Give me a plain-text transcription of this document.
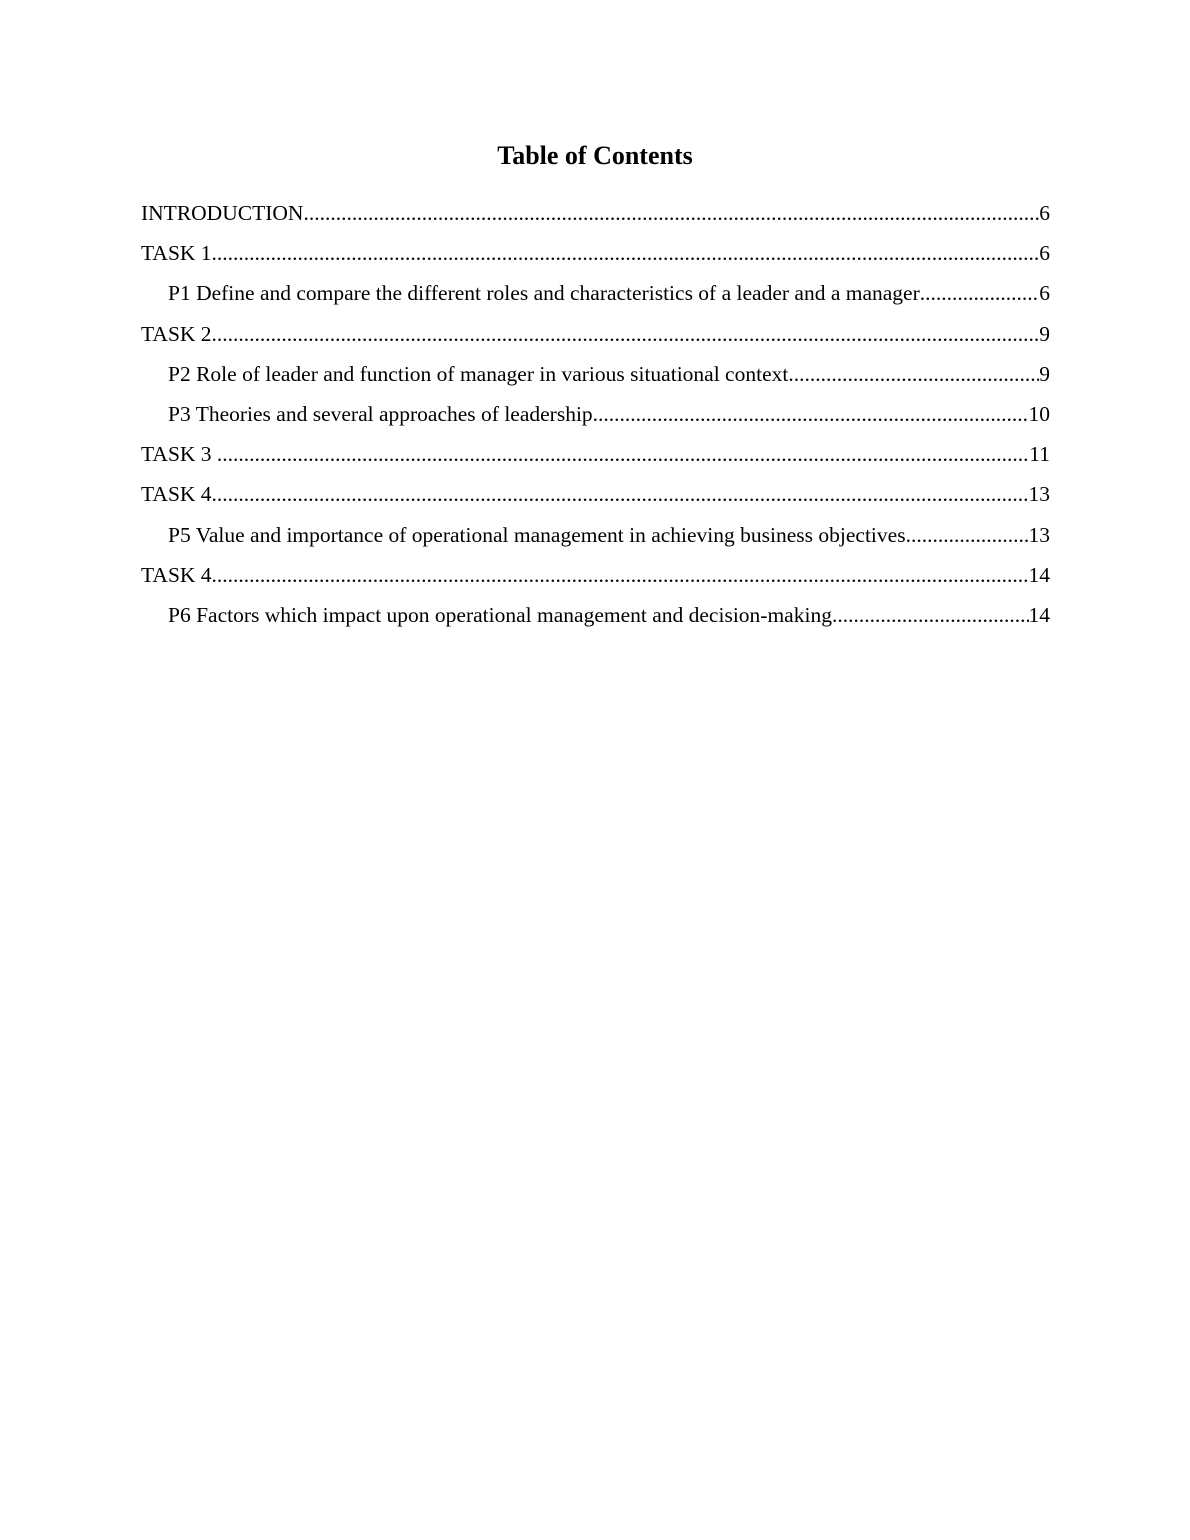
Table of Contents
INTRODUCTION .....	6
TASK 1 .....	6
P1 Define and compare the different roles and characteristics of a leader and a manager .....	6
TASK 2 .....	9
P2 Role of leader and function of manager in various situational context .....	9
P3 Theories and several approaches of leadership .....	10
TASK 3 .....	11
TASK 4 .....	13
P5 Value and importance of operational management in achieving business objectives .....	13
TASK 4 .....	14
P6 Factors which impact upon operational management and decision-making .....	14
